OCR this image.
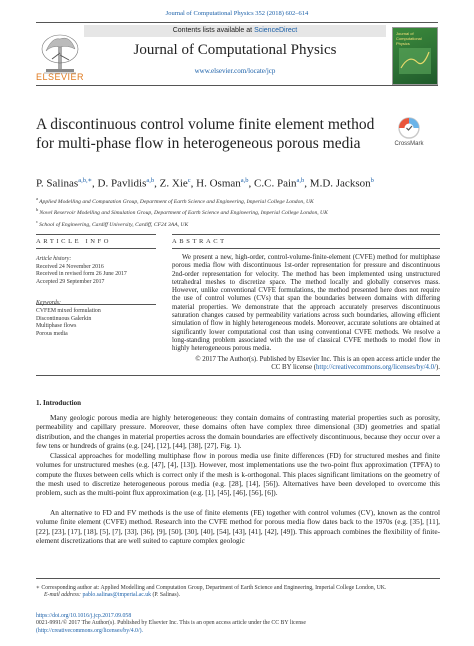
Journal of Computational Physics 352 (2018) 602–614
ELSEVIER
Contents lists available at ScienceDirect
Journal of Computational Physics
www.elsevier.com/locate/jcp
Journal of Computational Physics
A discontinuous control volume finite element method
for multi-phase flow in heterogeneous porous media	CrossMark
P. Salinas$^{a,b,∗}$, D. Pavlidis$^{a,b}$, Z. Xie$^c$, H. Osman$^{a,b}$, C.C. Pain$^{a,b}$, M.D. Jackson$^b$
$^a$ Applied Modelling and Computation Group, Department of Earth Science and Engineering, Imperial College London, UK
$^b$ Novel Reservoir Modelling and Simulation Group, Department of Earth Science and Engineering, Imperial College London, UK
$^c$ School of Engineering, Cardiff University, Cardiff, CF24 3AA, UK
ARTICLE INFO	ABSTRACT
Article history:
Received 24 November 2016
Received in revised form 26 June 2017
Accepted 29 September 2017
Keywords:
CVFEM mixed formulation
Discontinuous Galerkin
Multiphase flows
Porous media
We present a new, high-order, control-volume-finite-element (CVFE) method for multiphase porous media flow with discontinuous 1st-order representation for pressure and discontinuous 2nd-order representation for velocity. The method has been implemented using unstructured tetrahedral meshes to discretize space. The method locally and globally conserves mass. However, unlike conventional CVFE formulations, the method presented here does not require the use of control volumes (CVs) that span the boundaries between domains with differing material properties. We demonstrate that the approach accurately preserves discontinuous saturation changes caused by permeability variations across such boundaries, allowing efficient simulation of flow in highly heterogeneous models. Moreover, accurate solutions are obtained at significantly lower computational cost than using conventional CVFE methods. We resolve a long-standing problem associated with the use of classical CVFE methods to model flow in highly heterogeneous porous media.
© 2017 The Author(s). Published by Elsevier Inc. This is an open access article under the
CC BY license (http://creativecommons.org/licenses/by/4.0/).
1. Introduction
Many geologic porous media are highly heterogeneous: they contain domains of contrasting material properties such as porosity, permeability and capillary pressure. Moreover, these domains often have complex three dimensional (3D) geometries and spatial distribution, and the changes in material properties across the domain boundaries are effectively discontinuous, because they occur over a few tens or hundreds of grains (e.g. [24], [12], [44], [38], [27], Fig. 1).
Classical approaches for modelling multiphase flow in porous media use finite differences (FD) for structured meshes and finite volumes for unstructured meshes (e.g. [47], [4], [13]). However, most implementations use the two-point flux approximation (TPFA) to compute the fluxes between cells which is correct only if the mesh is k-orthogonal. This places significant limitations on the geometry of the mesh used to discretize heterogeneous porous media (e.g. [28], [14], [56]). Alternatives have been developed to overcome this problem, such as the multi-point flux approximation (e.g. [1], [45], [46], [56], [6]).
An alternative to FD and FV methods is the use of finite elements (FE) together with control volumes (CV), known as the control volume finite element (CVFE) method. Research into the CVFE method for porous media flow dates back to the 1970s (e.g. [35], [11], [22], [23], [17], [18], [5], [7], [33], [36], [9], [50], [30], [40], [54], [43], [41], [42], [49]). This approach combines the flexibility of finite-element discretizations that are well suited to capture complex geologic
∗ Corresponding author at: Applied Modelling and Computation Group, Department of Earth Science and Engineering, Imperial College London, UK.
E-mail address: pablo.salinas@imperial.ac.uk (P. Salinas).
https://doi.org/10.1016/j.jcp.2017.09.058
0021-9991/© 2017 The Author(s). Published by Elsevier Inc. This is an open access article under the CC BY license
(http://creativecommons.org/licenses/by/4.0/).
